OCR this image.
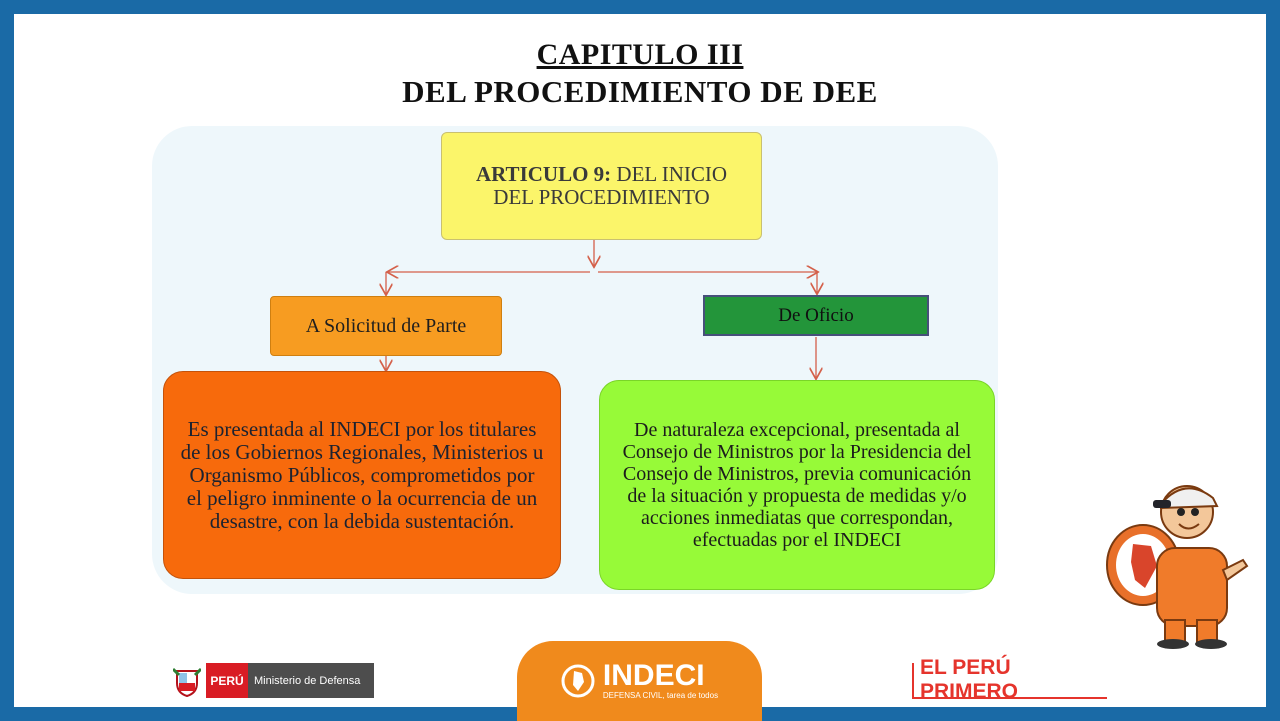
CAPITULO III
DEL PROCEDIMIENTO DE DEE
ARTICULO 9: DEL INICIO DEL PROCEDIMIENTO
A Solicitud de Parte	De Oficio
Es presentada al INDECI por los titulares de los Gobiernos Regionales, Ministerios u Organismo Públicos, comprometidos por el peligro inminente o la ocurrencia de un desastre, con la debida sustentación.
De naturaleza excepcional, presentada al Consejo de Ministros por la Presidencia del Consejo de Ministros, previa comunicación de la situación y propuesta de medidas y/o acciones inmediatas que correspondan, efectuadas por el INDECI
PERÚ Ministerio de Defensa	INDECI
DEFENSA CIVIL, tarea de todos
EL PERÚ PRIMERO
